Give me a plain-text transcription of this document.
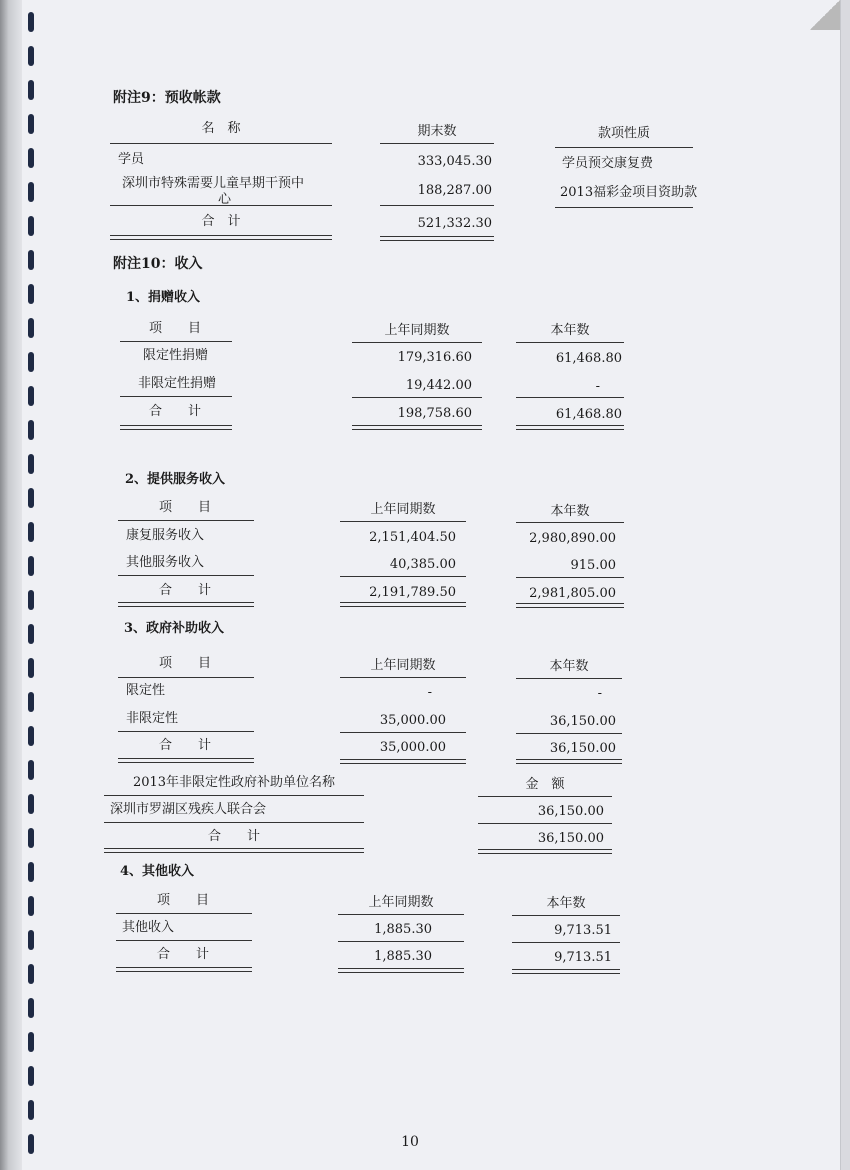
附注9：预收帐款
名　称	期末数	款项性质
学员	333,045.30	学员预交康复费
深圳市特殊需要儿童早期干预中
心
188,287.00	2013福彩金项目资助款
合　计	521,332.30
附注10：收入
1、捐赠收入
项　　目	上年同期数	本年数
限定性捐赠	179,316.60	61,468.80
非限定性捐赠	19,442.00	-
合　　计	198,758.60	61,468.80
2、提供服务收入
项　　目	上年同期数	本年数
康复服务收入	2,151,404.50	2,980,890.00
其他服务收入	40,385.00	915.00
合　　计	2,191,789.50	2,981,805.00
3、政府补助收入
项　　目	上年同期数	本年数
限定性	-	-
非限定性	35,000.00	36,150.00
合　　计	35,000.00	36,150.00
2013年非限定性政府补助单位名称	金　额
深圳市罗湖区残疾人联合会	36,150.00
合　　计	36,150.00
4、其他收入
项　　目	上年同期数	本年数
其他收入	1,885.30	9,713.51
合　　计	1,885.30	9,713.51
10
